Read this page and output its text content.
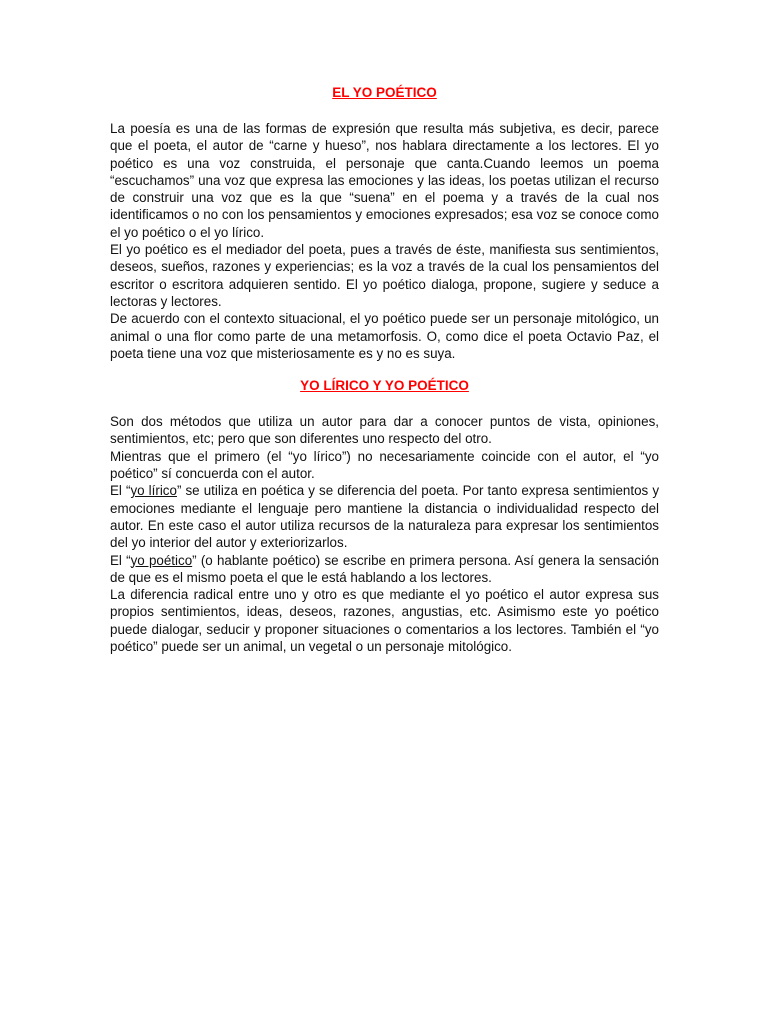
EL YO POÉTICO

La poesía es una de las formas de expresión que resulta más subjetiva, es decir, parece que el poeta, el autor de “carne y hueso”, nos hablara directamente a los lectores. El yo poético es una voz construida, el personaje que canta.Cuando leemos un poema “escuchamos” una voz que expresa las emociones y las ideas, los poetas utilizan el recurso de construir una voz que es la que “suena” en el poema y a través de la cual nos identificamos o no con los pensamientos y emociones expresados; esa voz se conoce como el yo poético o el yo lírico.

El yo poético es el mediador del poeta, pues a través de éste, manifiesta sus sentimientos, deseos, sueños, razones y experiencias; es la voz a través de la cual los pensamientos del escritor o escritora adquieren sentido. El yo poético dialoga, propone, sugiere y seduce a lectoras y lectores.

De acuerdo con el contexto situacional, el yo poético puede ser un personaje mitológico, un animal o una flor como parte de una metamorfosis. O, como dice el poeta Octavio Paz, el poeta tiene una voz que misteriosamente es y no es suya.

YO LÍRICO Y YO POÉTICO

Son dos métodos que utiliza un autor para dar a conocer puntos de vista, opiniones, sentimientos, etc; pero que son diferentes uno respecto del otro.

Mientras que el primero (el “yo lírico”) no necesariamente coincide con el autor, el “yo poético” sí concuerda con el autor.

El “yo lírico” se utiliza en poética y se diferencia del poeta. Por tanto expresa sentimientos y emociones mediante el lenguaje pero mantiene la distancia o individualidad respecto del autor. En este caso el autor utiliza recursos de la naturaleza para expresar los sentimientos del yo interior del autor y exteriorizarlos.

El “yo poético” (o hablante poético) se escribe en primera persona. Así genera la sensación de que es el mismo poeta el que le está hablando a los lectores.

La diferencia radical entre uno y otro es que mediante el yo poético el autor expresa sus propios sentimientos, ideas, deseos, razones, angustias, etc. Asimismo este yo poético puede dialogar, seducir y proponer situaciones o comentarios a los lectores. También el “yo poético” puede ser un animal, un vegetal o un personaje mitológico.
